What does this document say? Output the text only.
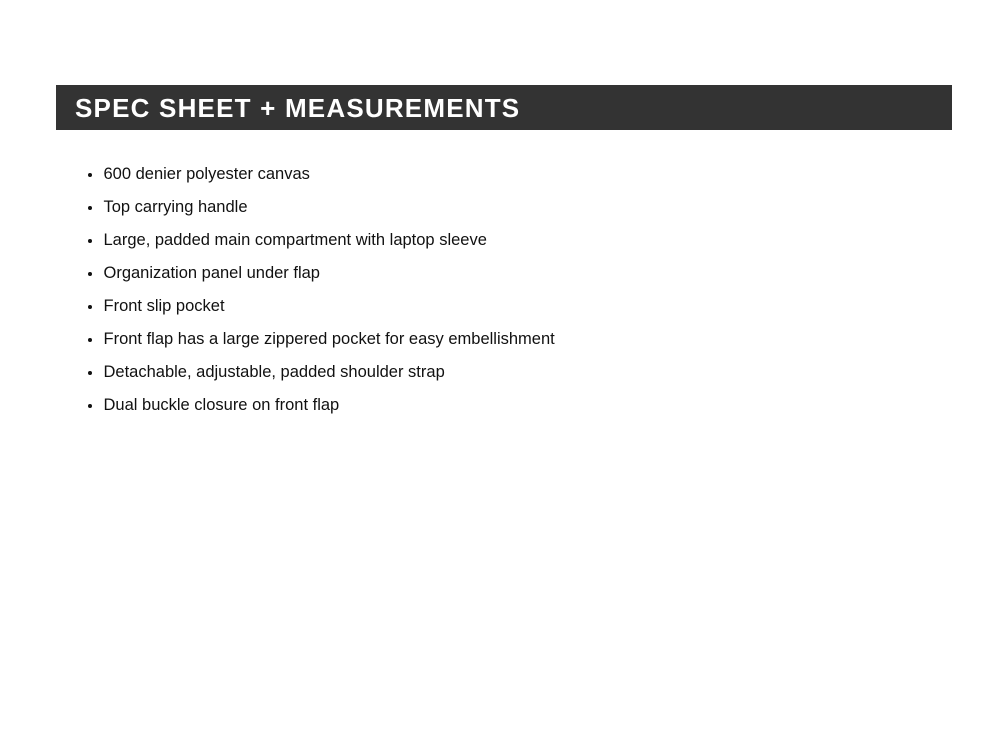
SPEC SHEET + MEASUREMENTS
600 denier polyester canvas
Top carrying handle
Large, padded main compartment with laptop sleeve
Organization panel under flap
Front slip pocket
Front flap has a large zippered pocket for easy embellishment
Detachable, adjustable, padded shoulder strap
Dual buckle closure on front flap
